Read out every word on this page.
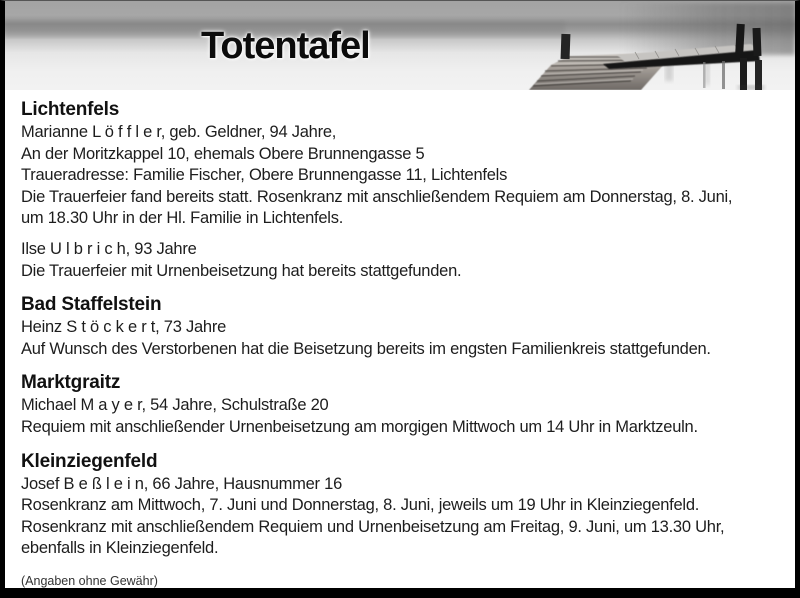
Totentafel
Lichtenfels
Marianne L ö f f l e r, geb. Geldner, 94 Jahre,
An der Moritzkappel 10, ehemals Obere Brunnengasse 5
Traueradresse: Familie Fischer, Obere Brunnengasse 11, Lichtenfels
Die Trauerfeier fand bereits statt. Rosenkranz mit anschließendem Requiem am Donnerstag, 8. Juni,
um 18.30 Uhr in der Hl. Familie in Lichtenfels.
Ilse U l b r i c h, 93 Jahre
Die Trauerfeier mit Urnenbeisetzung hat bereits stattgefunden.
Bad Staffelstein
Heinz S t ö c k e r t, 73 Jahre
Auf Wunsch des Verstorbenen hat die Beisetzung bereits im engsten Familienkreis stattgefunden.
Marktgraitz
Michael M a y e r, 54 Jahre, Schulstraße 20
Requiem mit anschließender Urnenbeisetzung am morgigen Mittwoch um 14 Uhr in Marktzeuln.
Kleinziegenfeld
Josef B e ß l e i n, 66 Jahre, Hausnummer 16
Rosenkranz am Mittwoch, 7. Juni und Donnerstag, 8. Juni, jeweils um 19 Uhr in Kleinziegenfeld.
Rosenkranz mit anschließendem Requiem und Urnenbeisetzung am Freitag, 9. Juni, um 13.30 Uhr,
ebenfalls in Kleinziegenfeld.
(Angaben ohne Gewähr)
